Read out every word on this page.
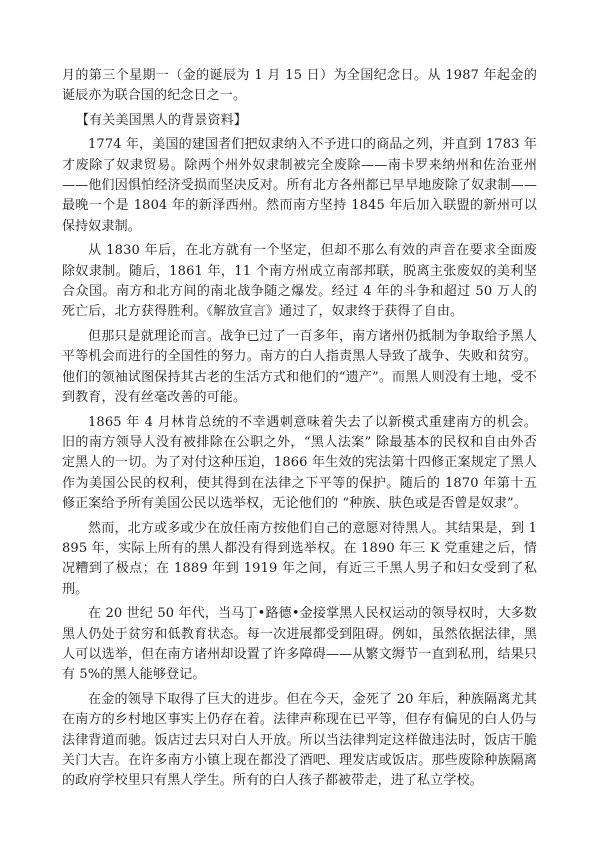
月的第三个星期一（金的诞辰为 1 月 15 日）为全国纪念日。从 1987 年起金的诞辰亦为联合国的纪念日之一。

【有关美国黑人的背景资料】

1774 年，美国的建国者们把奴隶纳入不予进口的商品之列，并直到 1783 年才废除了奴隶贸易。除两个州外奴隶制被完全废除——南卡罗来纳州和佐治亚州——他们因惧怕经济受损而坚决反对。所有北方各州都已早早地废除了奴隶制——最晚一个是 1804 年的新泽西州。然而南方坚持 1845 年后加入联盟的新州可以保持奴隶制。

从 1830 年后，在北方就有一个坚定，但却不那么有效的声音在要求全面废除奴隶制。随后，1861 年，11 个南方州成立南部邦联，脱离主张废奴的美利坚合众国。南方和北方间的南北战争随之爆发。经过 4 年的斗争和超过 50 万人的死亡后，北方获得胜利。《解放宣言》通过了，奴隶终于获得了自由。

但那只是就理论而言。战争已过了一百多年，南方诸州仍抵制为争取给予黑人平等机会而进行的全国性的努力。南方的白人指责黑人导致了战争、失败和贫穷。他们的领袖试图保持其古老的生活方式和他们的“遗产”。而黑人则没有土地，受不到教育，没有丝毫改善的可能。

1865 年 4 月林肯总统的不幸遇刺意味着失去了以新模式重建南方的机会。旧的南方领导人没有被排除在公职之外，“黑人法案” 除最基本的民权和自由外否定黑人的一切。为了对付这种压迫，1866 年生效的宪法第十四修正案规定了黑人作为美国公民的权利，使其得到在法律之下平等的保护。随后的 1870 年第十五修正案给予所有美国公民以选举权，无论他们的 “种族、肤色或是否曾是奴隶”。

然而，北方或多或少在放任南方按他们自己的意愿对待黑人。其结果是，到 1895 年，实际上所有的黑人都没有得到选举权。在 1890 年三 K 党重建之后，情况糟到了极点；在 1889 年到 1919 年之间，有近三千黑人男子和妇女受到了私刑。

在 20 世纪 50 年代，当马丁•路德•金接掌黑人民权运动的领导权时，大多数黑人仍处于贫穷和低教育状态。每一次进展都受到阻碍。例如，虽然依据法律，黑人可以选举，但在南方诸州却设置了许多障碍——从繁文缛节一直到私刑，结果只有 5%的黑人能够登记。

在金的领导下取得了巨大的进步。但在今天，金死了 20 年后，种族隔离尤其在南方的乡村地区事实上仍存在着。法律声称现在已平等，但存有偏见的白人仍与法律背道而驰。饭店过去只对白人开放。所以当法律判定这样做违法时，饭店干脆关门大吉。在许多南方小镇上现在都没了酒吧、理发店或饭店。那些废除种族隔离的政府学校里只有黑人学生。所有的白人孩子都被带走，进了私立学校。
